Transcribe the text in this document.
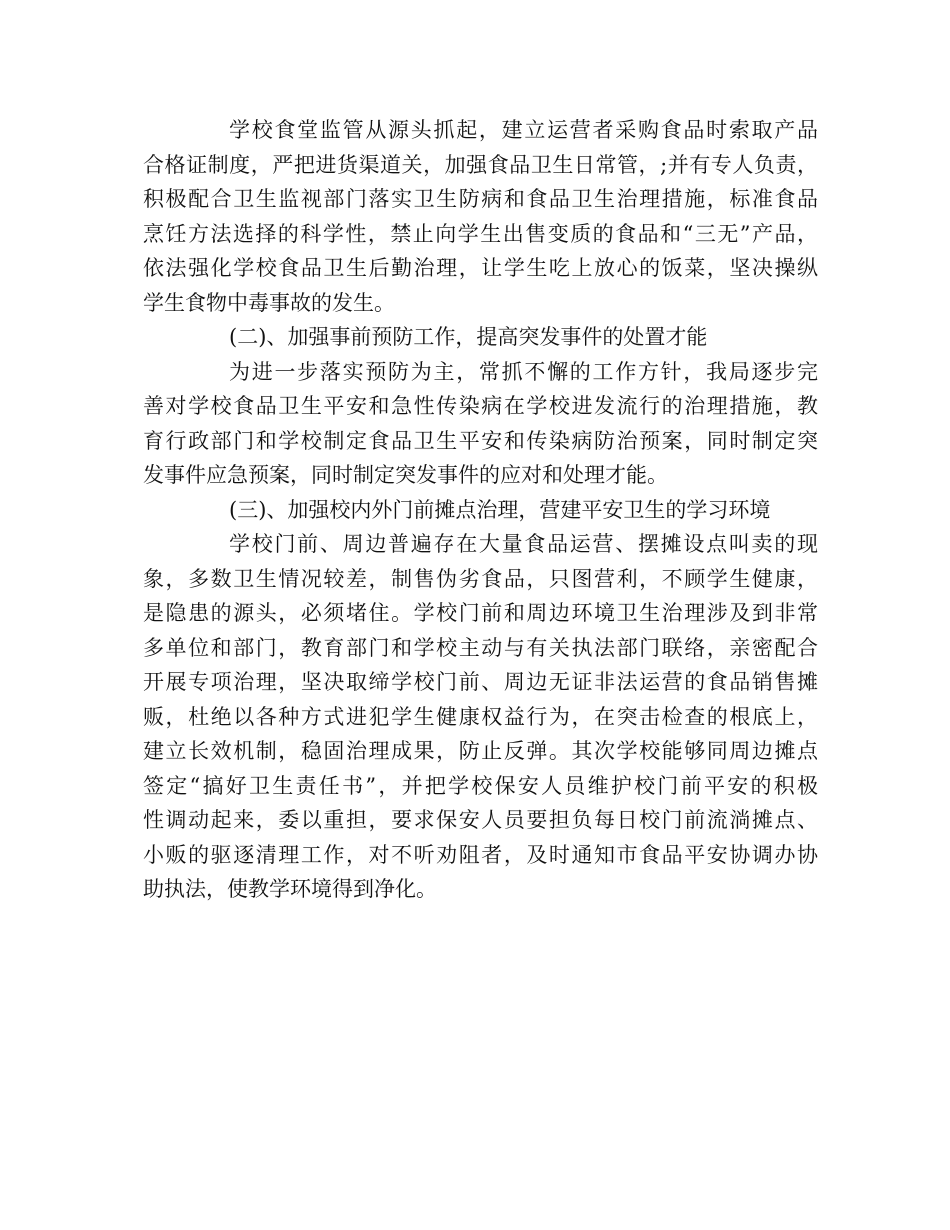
学校食堂监管从源头抓起，建立运营者采购食品时索取产品
合格证制度，严把进货渠道关，加强食品卫生日常管，;并有专人负责，
积极配合卫生监视部门落实卫生防病和食品卫生治理措施，标准食品
烹饪方法选择的科学性，禁止向学生出售变质的食品和“三无”产品，
依法强化学校食品卫生后勤治理，让学生吃上放心的饭菜，坚决操纵
学生食物中毒事故的发生。
(二)、加强事前预防工作，提高突发事件的处置才能
为进一步落实预防为主，常抓不懈的工作方针，我局逐步完
善对学校食品卫生平安和急性传染病在学校进发流行的治理措施，教
育行政部门和学校制定食品卫生平安和传染病防治预案，同时制定突
发事件应急预案，同时制定突发事件的应对和处理才能。
(三)、加强校内外门前摊点治理，营建平安卫生的学习环境
学校门前、周边普遍存在大量食品运营、摆摊设点叫卖的现
象，多数卫生情况较差，制售伪劣食品，只图营利，不顾学生健康，
是隐患的源头，必须堵住。学校门前和周边环境卫生治理涉及到非常
多单位和部门，教育部门和学校主动与有关执法部门联络，亲密配合
开展专项治理，坚决取缔学校门前、周边无证非法运营的食品销售摊
贩，杜绝以各种方式进犯学生健康权益行为，在突击检查的根底上，
建立长效机制，稳固治理成果，防止反弹。其次学校能够同周边摊点
签定“搞好卫生责任书”，并把学校保安人员维护校门前平安的积极
性调动起来，委以重担，要求保安人员要担负每日校门前流淌摊点、
小贩的驱逐清理工作，对不听劝阻者，及时通知市食品平安协调办协
助执法，使教学环境得到净化。
